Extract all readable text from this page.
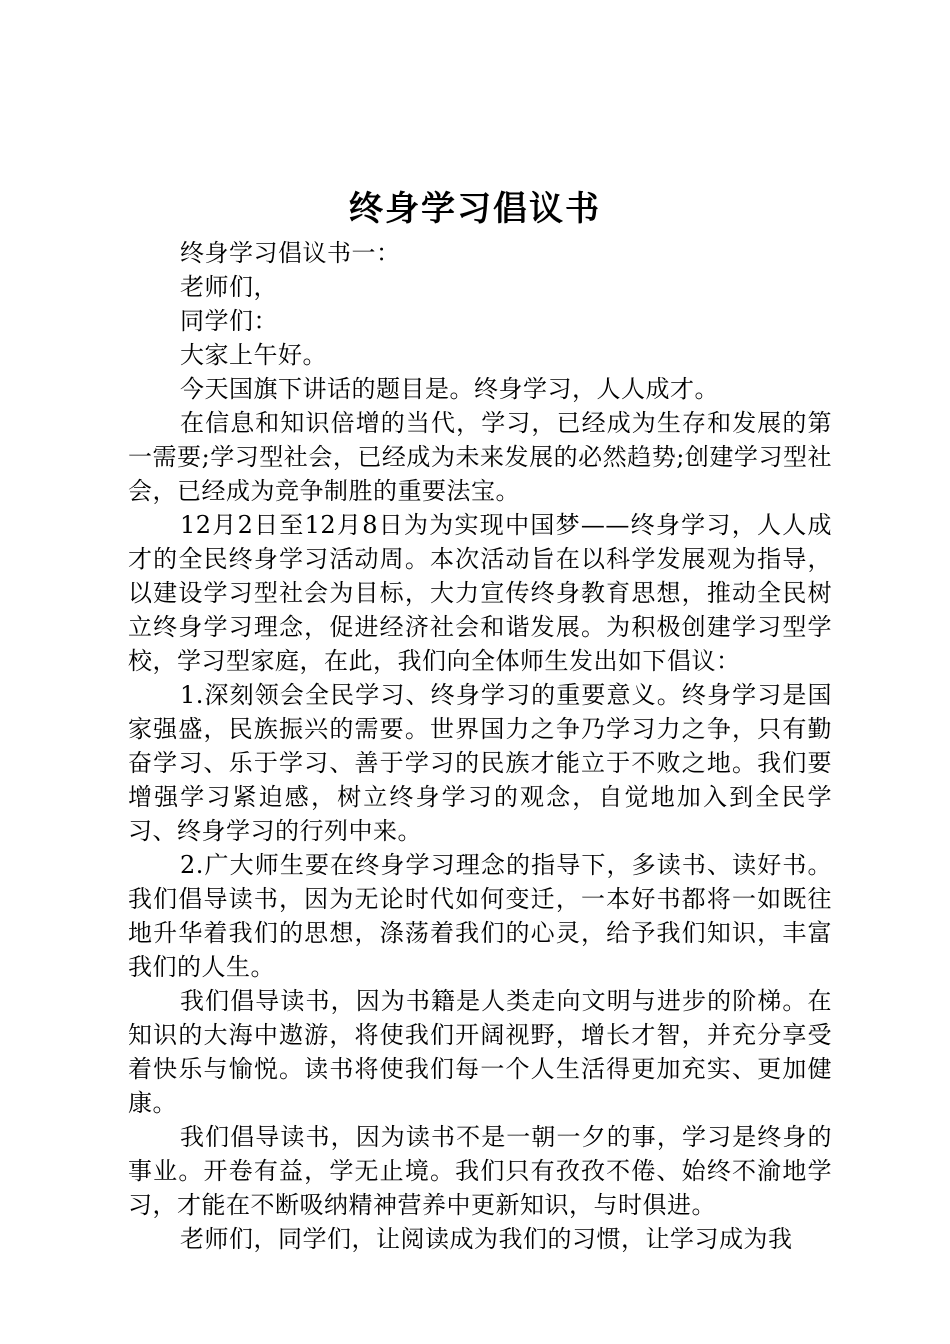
终身学习倡议书

终身学习倡议书一：

老师们，

同学们：

大家上午好。

今天国旗下讲话的题目是。终身学习，人人成才。

在信息和知识倍增的当代，学习，已经成为生存和发展的第一需要;学习型社会，已经成为未来发展的必然趋势;创建学习型社会，已经成为竞争制胜的重要法宝。

12月2日至12月8日为为实现中国梦——终身学习，人人成才的全民终身学习活动周。本次活动旨在以科学发展观为指导，以建设学习型社会为目标，大力宣传终身教育思想，推动全民树立终身学习理念，促进经济社会和谐发展。为积极创建学习型学校，学习型家庭，在此，我们向全体师生发出如下倡议：

1.深刻领会全民学习、终身学习的重要意义。终身学习是国家强盛，民族振兴的需要。世界国力之争乃学习力之争，只有勤奋学习、乐于学习、善于学习的民族才能立于不败之地。我们要增强学习紧迫感，树立终身学习的观念，自觉地加入到全民学习、终身学习的行列中来。

2.广大师生要在终身学习理念的指导下，多读书、读好书。我们倡导读书，因为无论时代如何变迁，一本好书都将一如既往地升华着我们的思想，涤荡着我们的心灵，给予我们知识，丰富我们的人生。

我们倡导读书，因为书籍是人类走向文明与进步的阶梯。在知识的大海中遨游，将使我们开阔视野，增长才智，并充分享受着快乐与愉悦。读书将使我们每一个人生活得更加充实、更加健康。

我们倡导读书，因为读书不是一朝一夕的事，学习是终身的事业。开卷有益，学无止境。我们只有孜孜不倦、始终不渝地学习，才能在不断吸纳精神营养中更新知识，与时俱进。

老师们，同学们，让阅读成为我们的习惯，让学习成为我
